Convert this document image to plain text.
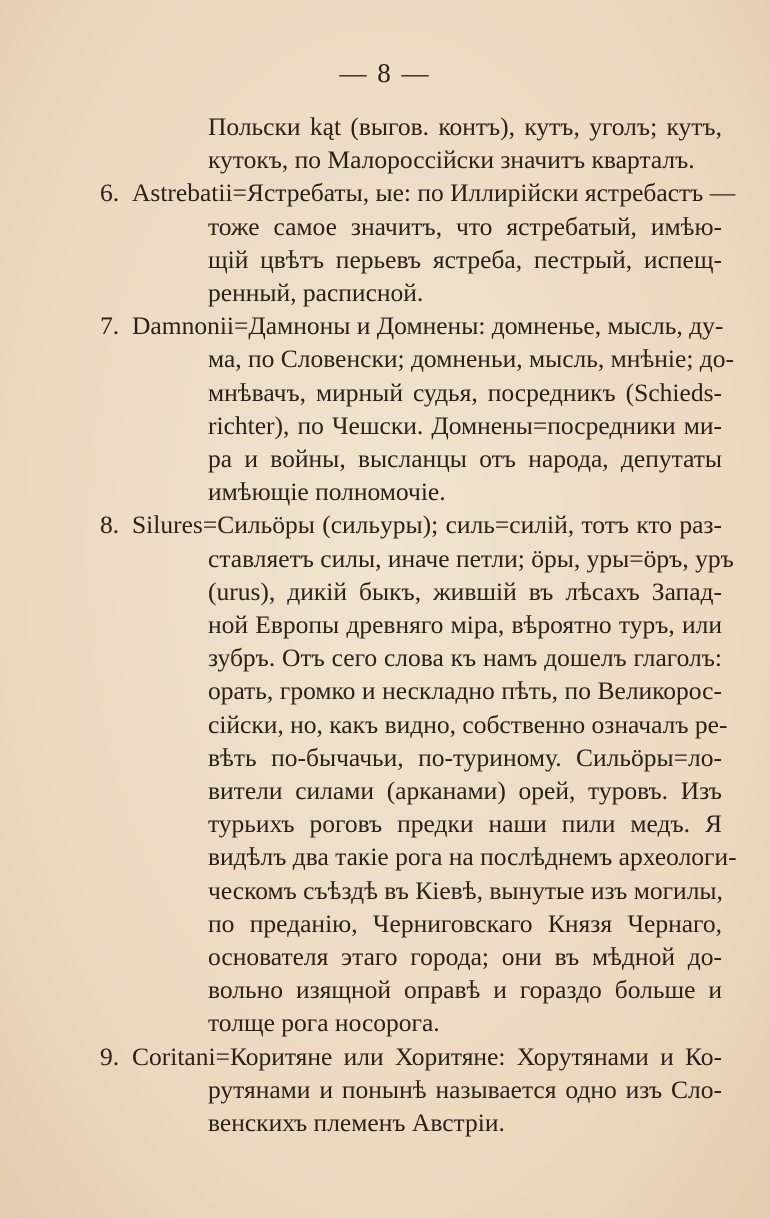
— 8 —
Польски kąt (выгов. контъ), кутъ, уголъ; кутъ,
кутокъ, по Малороссійски значитъ кварталъ.
6. Astrebatii=Ястребаты, ые: по Иллирійски ястребастъ —
тоже самое значитъ, что ястребатый, имѣю-
щій цвѣтъ перьевъ ястреба, пестрый, испещ-
ренный, расписной.
7. Damnonii=Дамноны и Домнены: домненье, мысль, ду-
ма, по Словенски; домненьи, мысль, мнѣніе; до-
мнѣвачъ, мирный судья, посредникъ (Schieds-
richter), по Чешски. Домнены=посредники ми-
ра и войны, высланцы отъ народа, депутаты
имѣющіе полномочіе.
8. Silures=Сильӧры (сильуры); силь=силій, тотъ кто раз-
ставляетъ силы, иначе петли; ӧры, уры=ӧръ, уръ
(urus), дикій быкъ, жившій въ лѣсахъ Запад-
ной Европы древняго міра, вѣроятно туръ, или
зубръ. Отъ сего слова къ намъ дошелъ глаголъ:
орать, громко и нескладно пѣть, по Великорос-
сійски, но, какъ видно, собственно означалъ ре-
вѣть по-бычачьи, по-туриному. Сильӧры=ло-
вители силами (арканами) орей, туровъ. Изъ
турьихъ роговъ предки наши пили медъ. Я
видѣлъ два такіе рога на послѣднемъ археологи-
ческомъ съѣздѣ въ Кіевѣ, вынутые изъ могилы,
по преданію, Черниговскаго Князя Чернаго,
основателя этаго города; они въ мѣдной до-
вольно изящной оправѣ и гораздо больше и
толще рога носорога.
9. Coritani=Коритяне или Хоритяне: Хорутянами и Ко-
рутянами и понынѣ называется одно изъ Сло-
венскихъ племенъ Австріи.
